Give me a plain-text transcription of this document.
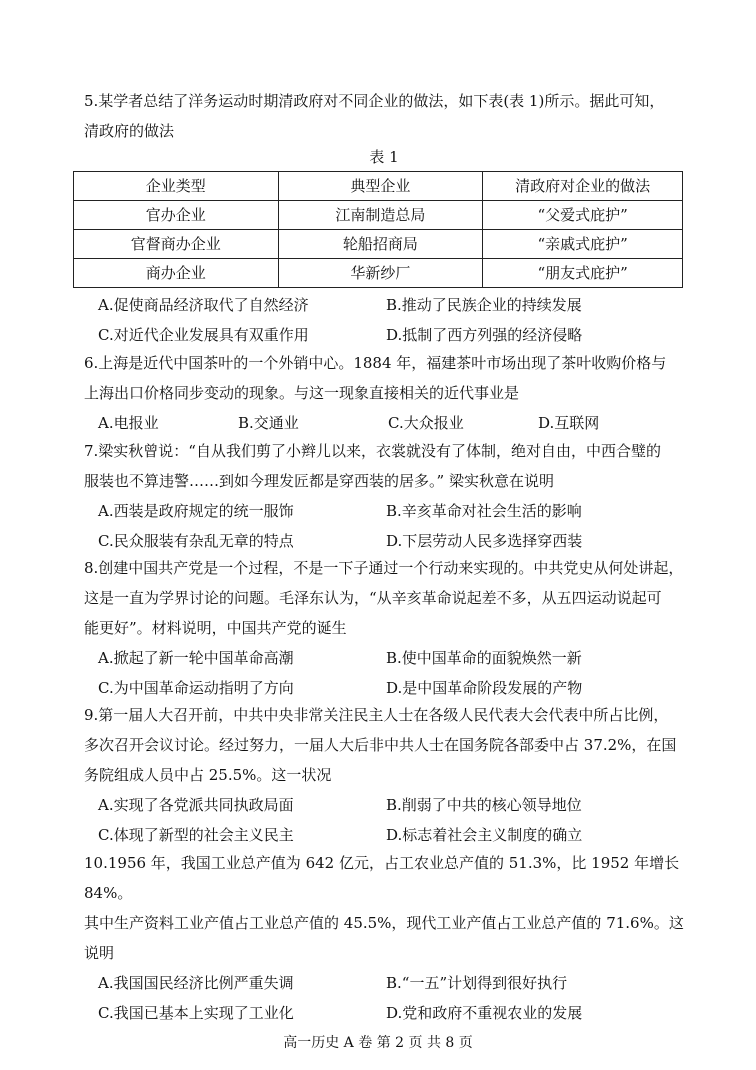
5.某学者总结了洋务运动时期清政府对不同企业的做法，如下表(表 1)所示。据此可知，

清政府的做法

表 1
企业类型	典型企业	清政府对企业的做法
官办企业	江南制造总局	“父爱式庇护”
官督商办企业	轮船招商局	“亲戚式庇护”
商办企业	华新纱厂	“朋友式庇护”
A.促使商品经济取代了自然经济	B.推动了民族企业的持续发展
C.对近代企业发展具有双重作用	D.抵制了西方列强的经济侵略

6.上海是近代中国茶叶的一个外销中心。1884 年，福建茶叶市场出现了茶叶收购价格与

上海出口价格同步变动的现象。与这一现象直接相关的近代事业是

A.电报业	B.交通业	C.大众报业	D.互联网

7.梁实秋曾说：“自从我们剪了小辫儿以来，衣裳就没有了体制，绝对自由，中西合璧的

服装也不算违警……到如今理发匠都是穿西装的居多。” 梁实秋意在说明

A.西装是政府规定的统一服饰	B.辛亥革命对社会生活的影响
C.民众服装有杂乱无章的特点	D.下层劳动人民多选择穿西装

8.创建中国共产党是一个过程，不是一下子通过一个行动来实现的。中共党史从何处讲起，

这是一直为学界讨论的问题。毛泽东认为，“从辛亥革命说起差不多，从五四运动说起可

能更好”。材料说明，中国共产党的诞生

A.掀起了新一轮中国革命高潮	B.使中国革命的面貌焕然一新
C.为中国革命运动指明了方向	D.是中国革命阶段发展的产物

9.第一届人大召开前，中共中央非常关注民主人士在各级人民代表大会代表中所占比例，

多次召开会议讨论。经过努力，一届人大后非中共人士在国务院各部委中占 37.2%，在国

务院组成人员中占 25.5%。这一状况

A.实现了各党派共同执政局面	B.削弱了中共的核心领导地位
C.体现了新型的社会主义民主	D.标志着社会主义制度的确立

10.1956 年，我国工业总产值为 642 亿元，占工农业总产值的 51.3%，比 1952 年增长 84%。

其中生产资料工业产值占工业总产值的 45.5%，现代工业产值占工业总产值的 71.6%。这

说明

A.我国国民经济比例严重失调	B.“一五”计划得到很好执行
C.我国已基本上实现了工业化	D.党和政府不重视农业的发展
高一历史 A 卷 第 2 页 共 8 页
